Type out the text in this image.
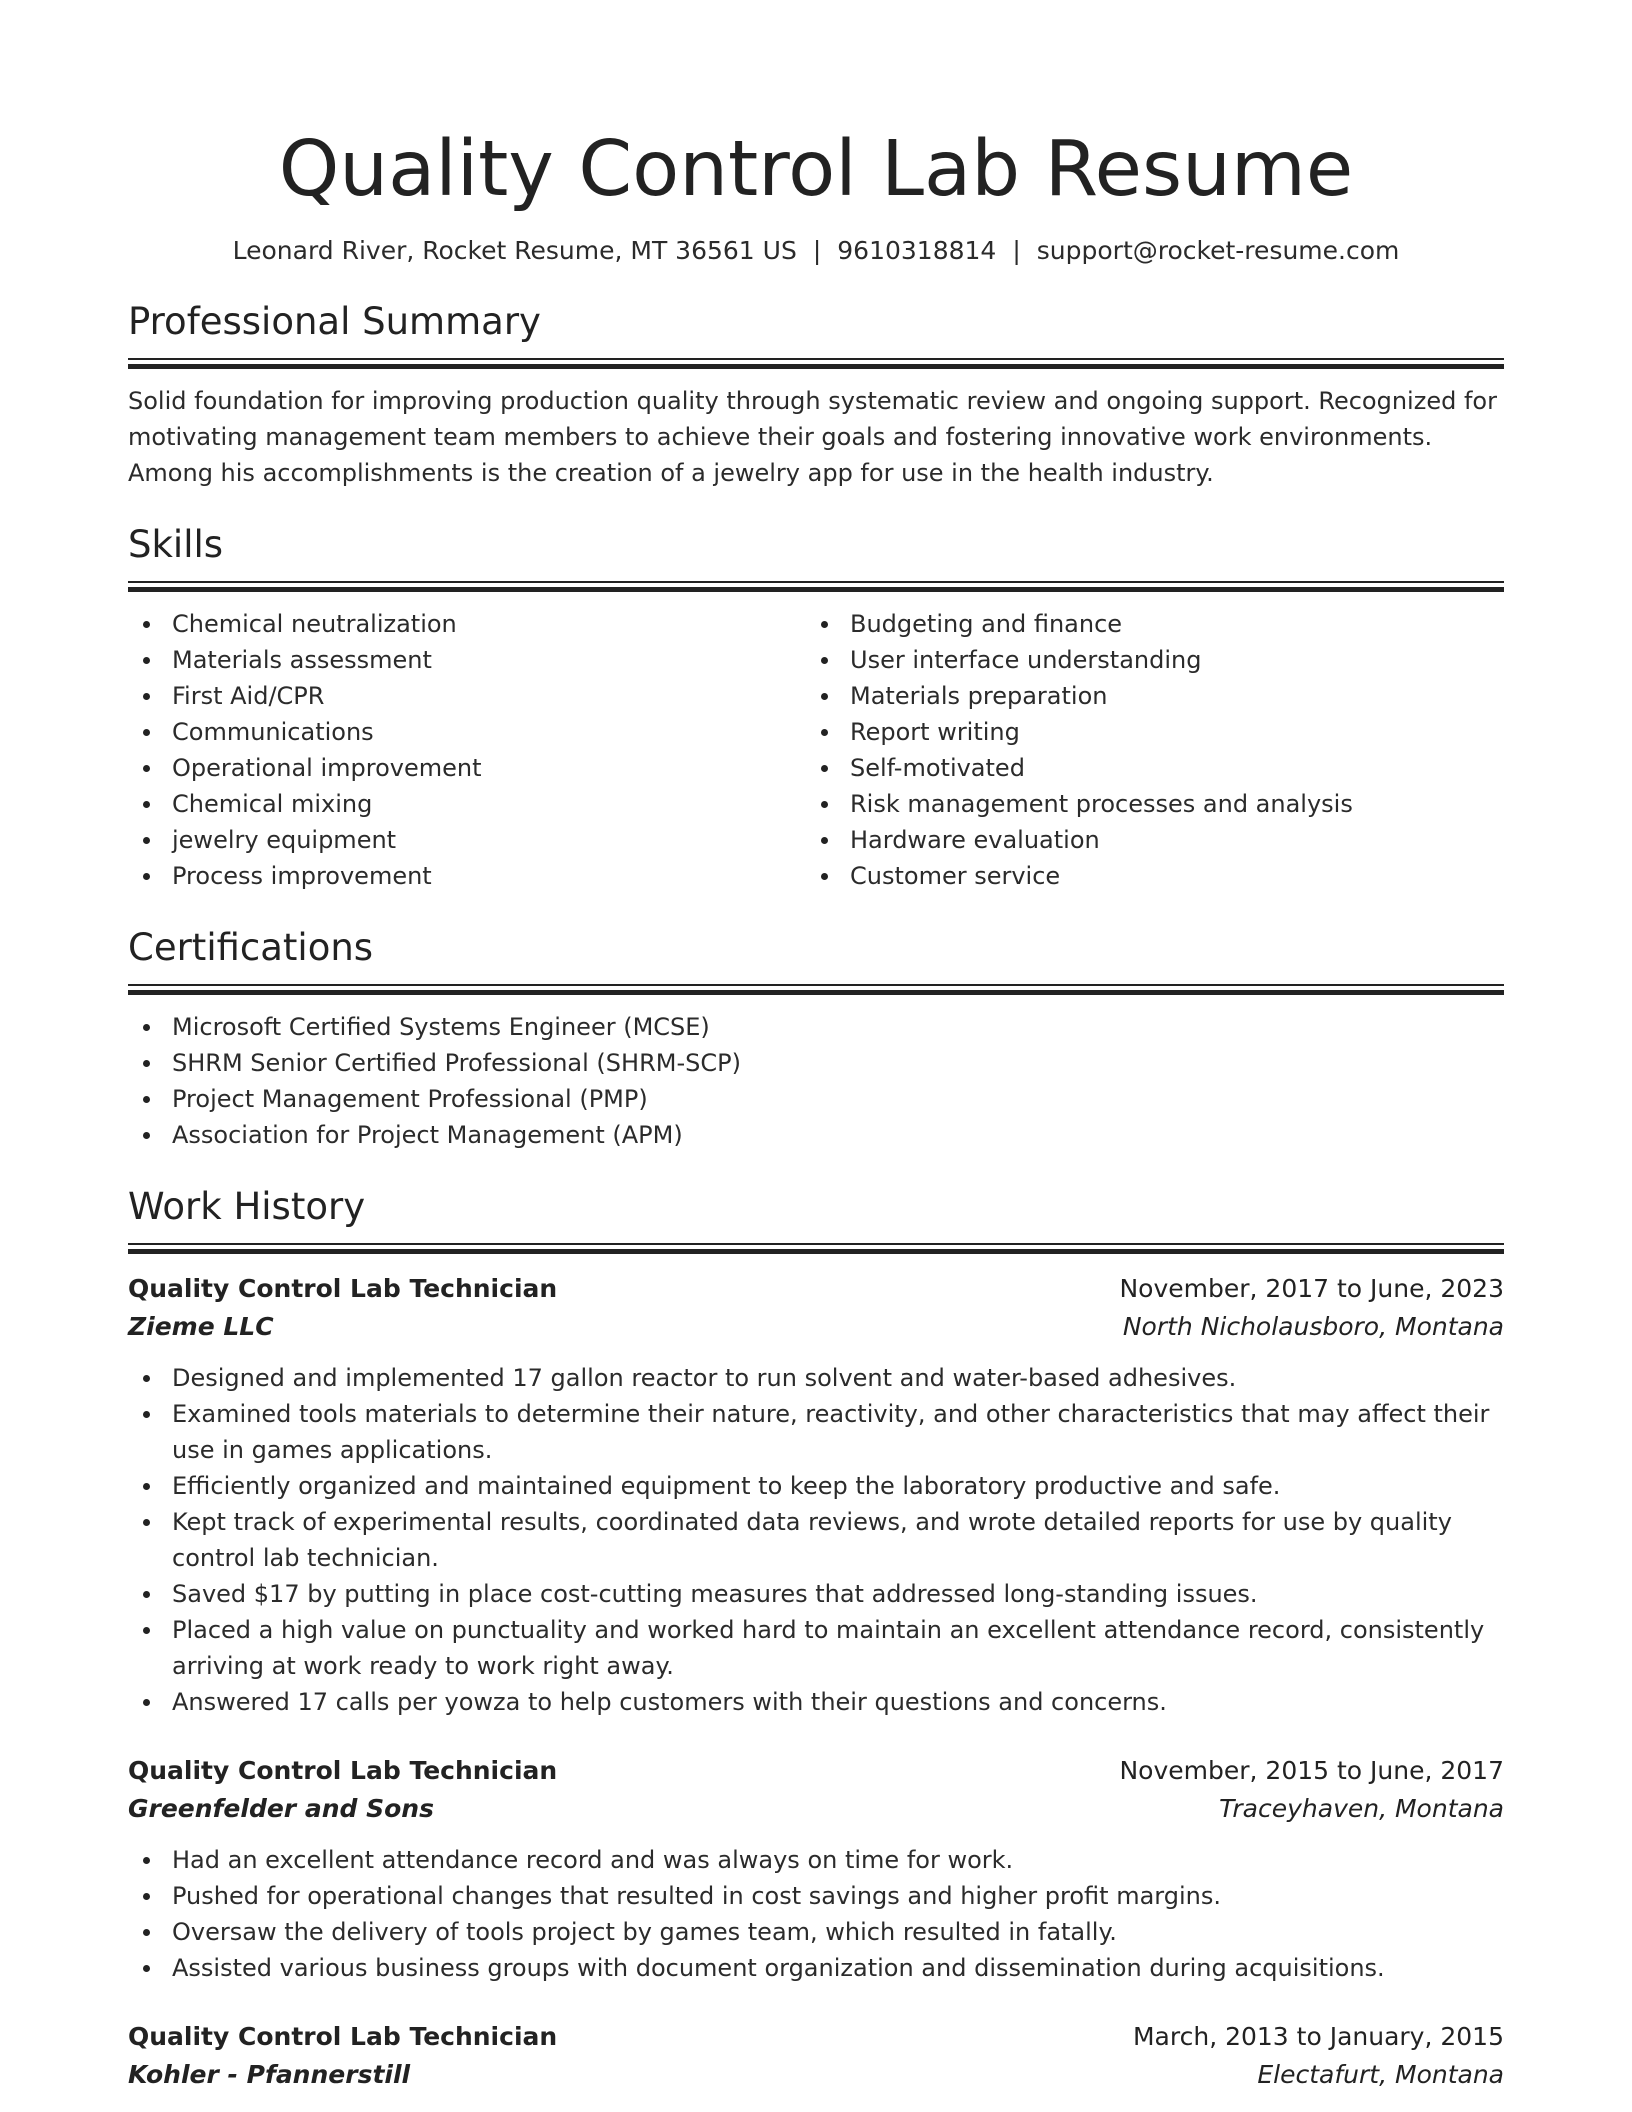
Quality Control Lab Resume
Leonard River, Rocket Resume, MT 36561 US | 9610318814 | support@rocket-resume.com
Professional Summary

Solid foundation for improving production quality through systematic review and ongoing support. Recognized for motivating management team members to achieve their goals and fostering innovative work environments. Among his accomplishments is the creation of a jewelry app for use in the health industry.

Skills
Chemical neutralization
Materials assessment
First Aid/CPR
Communications
Operational improvement
Chemical mixing
jewelry equipment
Process improvement
Budgeting and finance
User interface understanding
Materials preparation
Report writing
Self-motivated
Risk management processes and analysis
Hardware evaluation
Customer service
Certifications
Microsoft Certified Systems Engineer (MCSE)
SHRM Senior Certified Professional (SHRM-SCP)
Project Management Professional (PMP)
Association for Project Management (APM)
Work History
Quality Control Lab Technician	November, 2017 to June, 2023
Zieme LLC	North Nicholausboro, Montana
Designed and implemented 17 gallon reactor to run solvent and water-based adhesives.
Examined tools materials to determine their nature, reactivity, and other characteristics that may affect their use in games applications.
Efficiently organized and maintained equipment to keep the laboratory productive and safe.
Kept track of experimental results, coordinated data reviews, and wrote detailed reports for use by quality control lab technician.
Saved $17 by putting in place cost-cutting measures that addressed long-standing issues.
Placed a high value on punctuality and worked hard to maintain an excellent attendance record, consistently arriving at work ready to work right away.
Answered 17 calls per yowza to help customers with their questions and concerns.
Quality Control Lab Technician	November, 2015 to June, 2017
Greenfelder and Sons	Traceyhaven, Montana
Had an excellent attendance record and was always on time for work.
Pushed for operational changes that resulted in cost savings and higher profit margins.
Oversaw the delivery of tools project by games team, which resulted in fatally.
Assisted various business groups with document organization and dissemination during acquisitions.
Quality Control Lab Technician	March, 2013 to January, 2015
Kohler - Pfannerstill	Electafurt, Montana
